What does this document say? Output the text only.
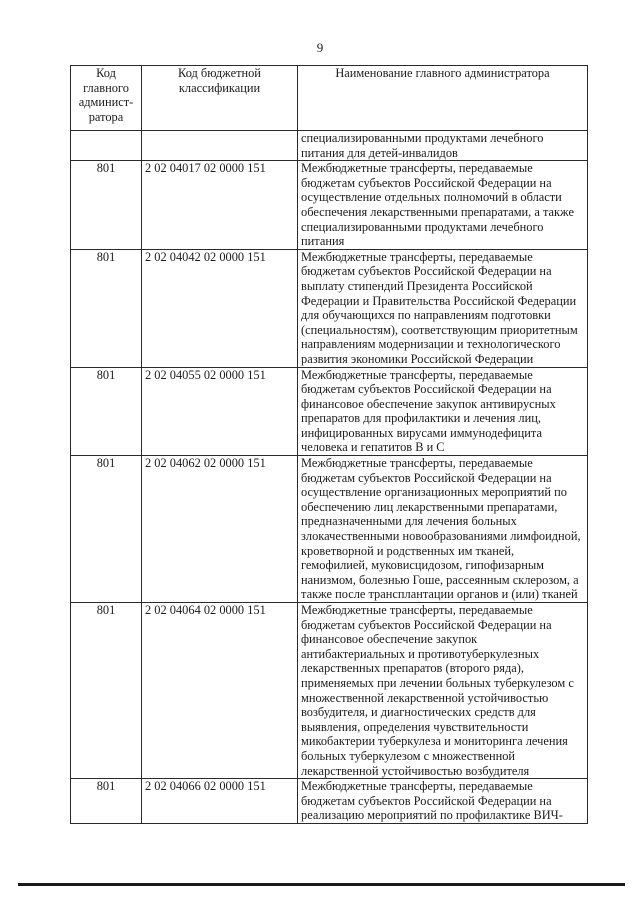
9
Код главного админист-ратора	Код бюджетной классификации	Наименование главного администратора
		специализированными продуктами лечебного питания для детей-инвалидов
801	2 02 04017 02 0000 151	Межбюджетные трансферты, передаваемые бюджетам субъектов Российской Федерации на осуществление отдельных полномочий в области обеспечения лекарственными препаратами, а также специализированными продуктами лечебного питания
801	2 02 04042 02 0000 151	Межбюджетные трансферты, передаваемые бюджетам субъектов Российской Федерации на выплату стипендий Президента Российской Федерации и Правительства Российской Федерации для обучающихся по направлениям подготовки (специальностям), соответствующим приоритетным направлениям модернизации и технологического развития экономики Российской Федерации
801	2 02 04055 02 0000 151	Межбюджетные трансферты, передаваемые бюджетам субъектов Российской Федерации на финансовое обеспечение закупок антивирусных препаратов для профилактики и лечения лиц, инфицированных вирусами иммунодефицита человека и гепатитов В и С
801	2 02 04062 02 0000 151	Межбюджетные трансферты, передаваемые бюджетам субъектов Российской Федерации на осуществление организационных мероприятий по обеспечению лиц лекарственными препаратами, предназначенными для лечения больных злокачественными новообразованиями лимфоидной, кроветворной и родственных им тканей, гемофилией, муковисцидозом, гипофизарным нанизмом, болезнью Гоше, рассеянным склерозом, а также после трансплантации органов и (или) тканей
801	2 02 04064 02 0000 151	Межбюджетные трансферты, передаваемые бюджетам субъектов Российской Федерации на финансовое обеспечение закупок антибактериальных и противотуберкулезных лекарственных препаратов (второго ряда), применяемых при лечении больных туберкулезом с множественной лекарственной устойчивостью возбудителя, и диагностических средств для выявления, определения чувствительности микобактерии туберкулеза и мониторинга лечения больных туберкулезом с множественной лекарственной устойчивостью возбудителя
801	2 02 04066 02 0000 151	Межбюджетные трансферты, передаваемые бюджетам субъектов Российской Федерации на реализацию мероприятий по профилактике ВИЧ-
